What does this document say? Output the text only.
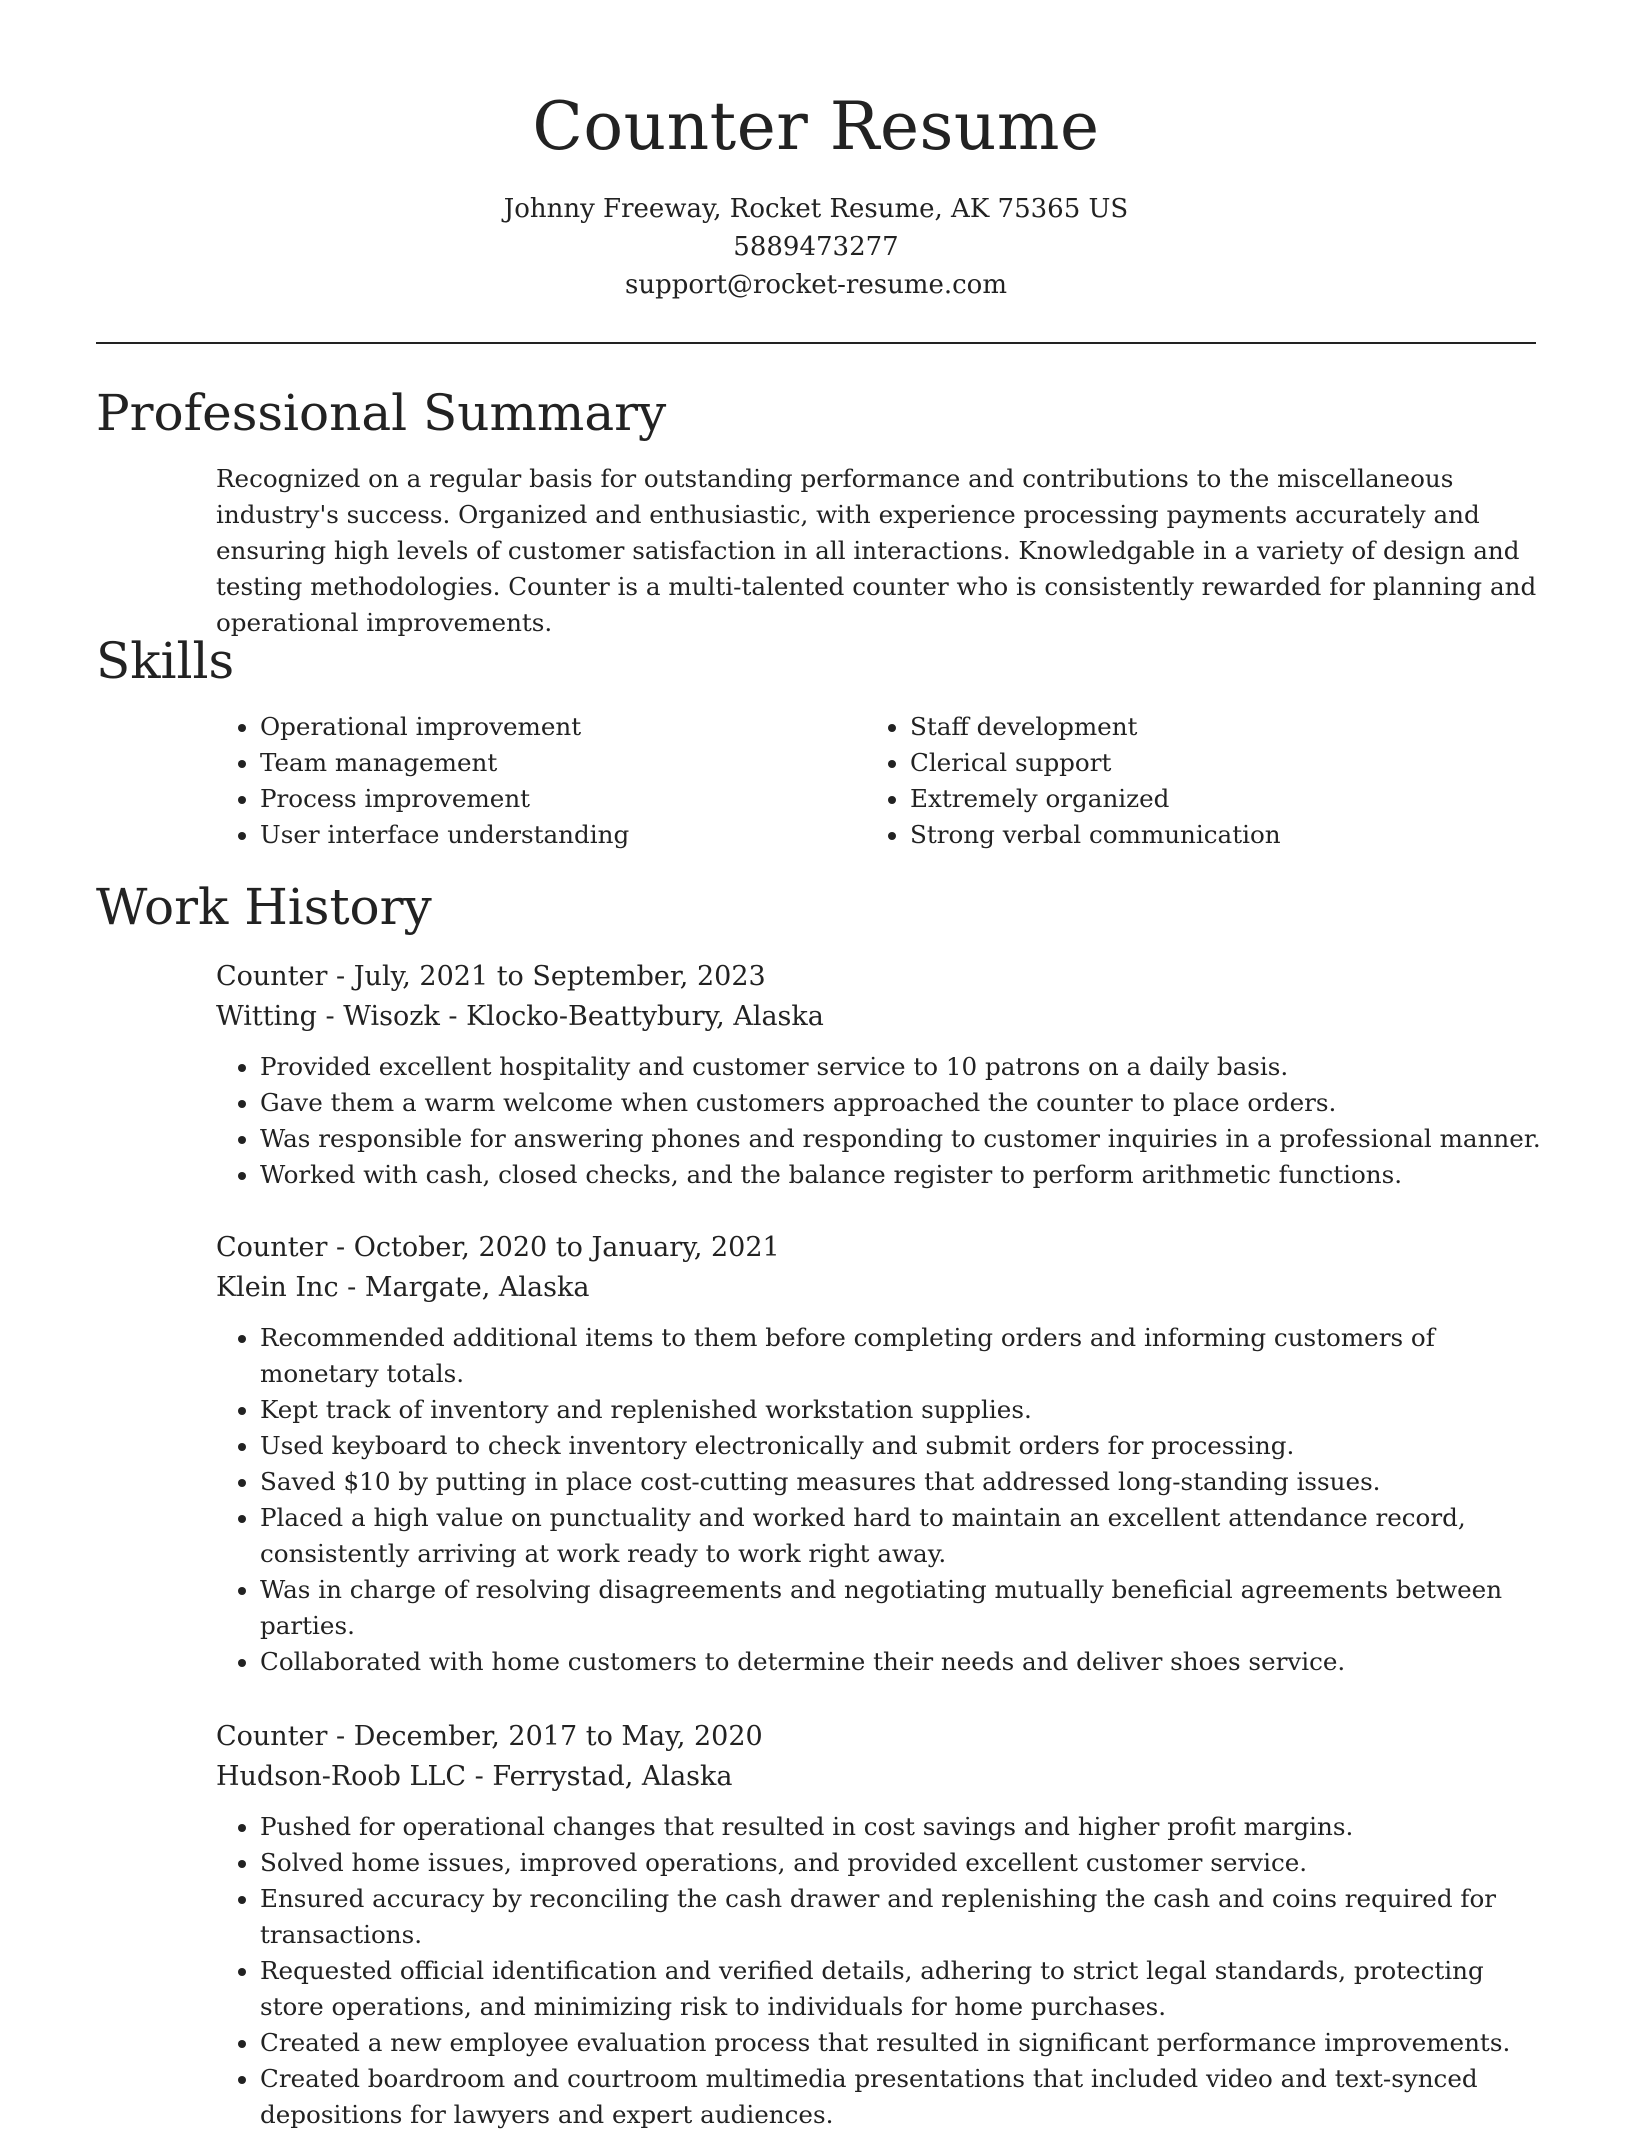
Counter Resume
Johnny Freeway, Rocket Resume, AK 75365 US
5889473277
support@rocket-resume.com
Professional Summary

Recognized on a regular basis for outstanding performance and contributions to the miscellaneous industry's success. Organized and enthusiastic, with experience processing payments accurately and ensuring high levels of customer satisfaction in all interactions. Knowledgable in a variety of design and testing methodologies. Counter is a multi-talented counter who is consistently rewarded for planning and operational improvements.

Skills
• Operational improvement
• Team management
• Process improvement
• User interface understanding
• Staff development
• Clerical support
• Extremely organized
• Strong verbal communication
Work History
Counter - July, 2021 to September, 2023
Witting - Wisozk - Klocko-Beattybury, Alaska
• Provided excellent hospitality and customer service to 10 patrons on a daily basis.
• Gave them a warm welcome when customers approached the counter to place orders.
• Was responsible for answering phones and responding to customer inquiries in a professional manner.
• Worked with cash, closed checks, and the balance register to perform arithmetic functions.
Counter - October, 2020 to January, 2021
Klein Inc - Margate, Alaska
• Recommended additional items to them before completing orders and informing customers of monetary totals.
• Kept track of inventory and replenished workstation supplies.
• Used keyboard to check inventory electronically and submit orders for processing.
• Saved $10 by putting in place cost-cutting measures that addressed long-standing issues.
• Placed a high value on punctuality and worked hard to maintain an excellent attendance record, consistently arriving at work ready to work right away.
• Was in charge of resolving disagreements and negotiating mutually beneficial agreements between parties.
• Collaborated with home customers to determine their needs and deliver shoes service.
Counter - December, 2017 to May, 2020
Hudson-Roob LLC - Ferrystad, Alaska
• Pushed for operational changes that resulted in cost savings and higher profit margins.
• Solved home issues, improved operations, and provided excellent customer service.
• Ensured accuracy by reconciling the cash drawer and replenishing the cash and coins required for transactions.
• Requested official identification and verified details, adhering to strict legal standards, protecting store operations, and minimizing risk to individuals for home purchases.
• Created a new employee evaluation process that resulted in significant performance improvements.
• Created boardroom and courtroom multimedia presentations that included video and text-synced depositions for lawyers and expert audiences.
